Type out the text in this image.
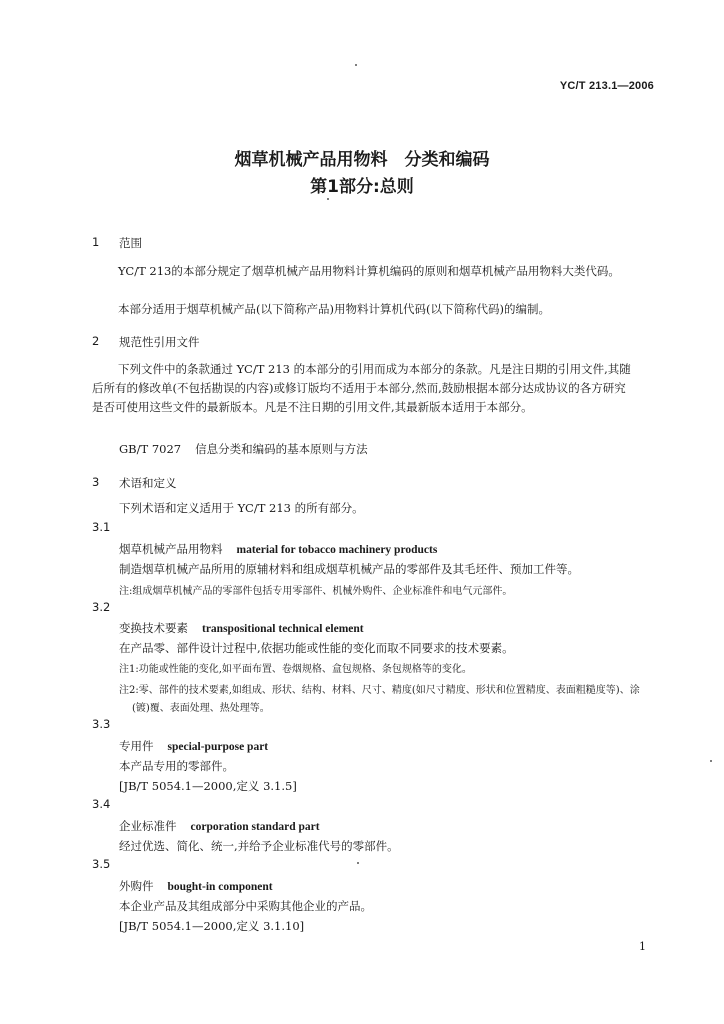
YC/T 213.1—2006
烟草机械产品用物料　分类和编码
第1部分:总则
1 范围
YC/T 213的本部分规定了烟草机械产品用物料计算机编码的原则和烟草机械产品用物料大类代码。
本部分适用于烟草机械产品(以下简称产品)用物料计算机代码(以下简称代码)的编制。
2 规范性引用文件
下列文件中的条款通过 YC/T 213 的本部分的引用而成为本部分的条款。凡是注日期的引用文件,其随后所有的修改单(不包括勘误的内容)或修订版均不适用于本部分,然而,鼓励根据本部分达成协议的各方研究是否可使用这些文件的最新版本。凡是不注日期的引用文件,其最新版本适用于本部分。
GB/T 7027 信息分类和编码的基本原则与方法
3 术语和定义
下列术语和定义适用于 YC/T 213 的所有部分。
3.1
烟草机械产品用物料 material for tobacco machinery products
制造烟草机械产品所用的原辅材料和组成烟草机械产品的零部件及其毛坯件、预加工件等。
注:组成烟草机械产品的零部件包括专用零部件、机械外购件、企业标准件和电气元部件。
3.2
变换技术要素 transpositional technical element
在产品零、部件设计过程中,依据功能或性能的变化而取不同要求的技术要素。
注1:功能或性能的变化,如平面布置、卷烟规格、盒包规格、条包规格等的变化。
注2:零、部件的技术要素,如组成、形状、结构、材料、尺寸、精度(如尺寸精度、形状和位置精度、表面粗糙度等)、涂
(镀)覆、表面处理、热处理等。
3.3
专用件 special-purpose part
本产品专用的零部件。
[JB/T 5054.1—2000,定义 3.1.5]
3.4
企业标准件 corporation standard part
经过优选、简化、统一,并给予企业标准代号的零部件。
3.5
外购件 bought-in component
本企业产品及其组成部分中采购其他企业的产品。
[JB/T 5054.1—2000,定义 3.1.10]
1
